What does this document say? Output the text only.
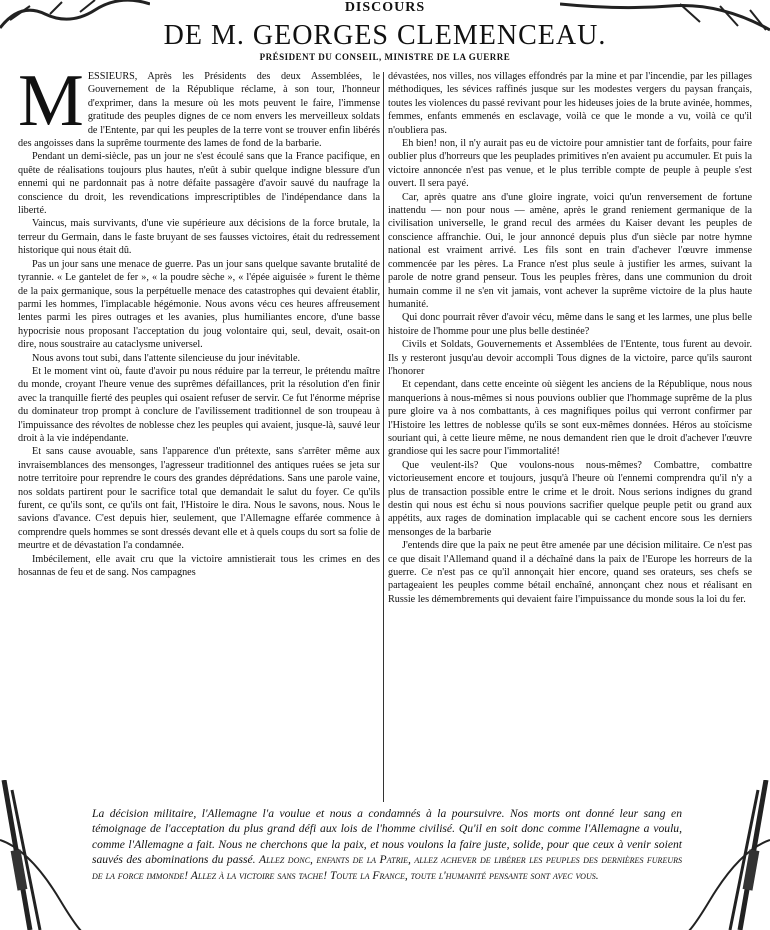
DISCOURS
DE M. GEORGES CLEMENCEAU.
PRÉSIDENT DU CONSEIL, MINISTRE DE LA GUERRE

MESSIEURS, Après les Présidents des deux Assemblées, le Gouvernement de la République réclame, à son tour, l'honneur d'exprimer, dans la mesure où les mots peuvent le faire, l'immense gratitude des peuples dignes de ce nom envers les merveilleux soldats de l'Entente, par qui les peuples de la terre vont se trouver enfin libérés des angoisses dans la suprême tourmente des lames de fond de la barbarie.

Pendant un demi-siècle, pas un jour ne s'est écoulé sans que la France pacifique, en quête de réalisations toujours plus hautes, n'eût à subir quelque indigne blessure d'un ennemi qui ne pardonnait pas à notre défaite passagère d'avoir sauvé du naufrage la conscience du droit, les revendications imprescriptibles de l'indépendance dans la liberté.

Vaincus, mais survivants, d'une vie supérieure aux décisions de la force brutale, la terreur du Germain, dans le faste bruyant de ses fausses victoires, était du redressement historique qui nous était dû.

Pas un jour sans une menace de guerre. Pas un jour sans quelque savante brutalité de tyrannie. « Le gantelet de fer », « la poudre sèche », « l'épée aiguisée » furent le thème de la paix germanique, sous la perpétuelle menace des catastrophes qui devaient établir, parmi les hommes, l'implacable hégémonie. Nous avons vécu ces heures affreusement lentes parmi les pires outrages et les avanies, plus humiliantes encore, d'une basse hypocrisie nous proposant l'acceptation du joug volontaire qui, seul, devait, osait-on dire, nous soustraire au cataclysme universel.

Nous avons tout subi, dans l'attente silencieuse du jour inévitable.

Et le moment vint où, faute d'avoir pu nous réduire par la terreur, le prétendu maître du monde, croyant l'heure venue des suprêmes défaillances, prit la résolution d'en finir avec la tranquille fierté des peuples qui osaient refuser de servir. Ce fut l'énorme méprise du dominateur trop prompt à conclure de l'avilissement traditionnel de son troupeau à l'impuissance des révoltes de noblesse chez les peuples qui avaient, jusque-là, sauvé leur droit à la vie indépendante.

Et sans cause avouable, sans l'apparence d'un prétexte, sans s'arrêter même aux invraisemblances des mensonges, l'agresseur traditionnel des antiques ruées se jeta sur notre territoire pour reprendre le cours des grandes déprédations. Sans une parole vaine, nos soldats partirent pour le sacrifice total que demandait le salut du foyer. Ce qu'ils furent, ce qu'ils sont, ce qu'ils ont fait, l'Histoire le dira. Nous le savons, nous. Nous le savions d'avance. C'est depuis hier, seulement, que l'Allemagne effarée commence à comprendre quels hommes se sont dressés devant elle et à quels coups du sort sa folie de meurtre et de dévastation l'a condamnée.

Imbécilement, elle avait cru que la victoire amnistierait tous les crimes en des hosannas de feu et de sang. Nos campagnes

dévastées, nos villes, nos villages effondrés par la mine et par l'incendie, par les pillages méthodiques, les sévices raffinés jusque sur les modestes vergers du paysan français, toutes les violences du passé revivant pour les hideuses joies de la brute avinée, hommes, femmes, enfants emmenés en esclavage, voilà ce que le monde a vu, voilà ce qu'il n'oubliera pas.

Eh bien! non, il n'y aurait pas eu de victoire pour amnistier tant de forfaits, pour faire oublier plus d'horreurs que les peuplades primitives n'en avaient pu accumuler. Et puis la victoire annoncée n'est pas venue, et le plus terrible compte de peuple à peuple s'est ouvert. Il sera payé.

Car, après quatre ans d'une gloire ingrate, voici qu'un renversement de fortune inattendu — non pour nous — amène, après le grand reniement germanique de la civilisation universelle, le grand recul des armées du Kaiser devant les peuples de conscience affranchie. Oui, le jour annoncé depuis plus d'un siècle par notre hymne national est vraiment arrivé. Les fils sont en train d'achever l'œuvre immense commencée par les pères. La France n'est plus seule à justifier les armes, suivant la parole de notre grand penseur. Tous les peuples frères, dans une communion du droit humain comme il ne s'en vit jamais, vont achever la suprême victoire de la plus haute humanité.

Qui donc pourrait rêver d'avoir vécu, même dans le sang et les larmes, une plus belle histoire de l'homme pour une plus belle destinée?

Civils et Soldats, Gouvernements et Assemblées de l'Entente, tous furent au devoir. Ils y resteront jusqu'au devoir accompli Tous dignes de la victoire, parce qu'ils sauront l'honorer

Et cependant, dans cette enceinte où siègent les anciens de la République, nous nous manquerions à nous-mêmes si nous pouvions oublier que l'hommage suprême de la plus pure gloire va à nos combattants, à ces magnifiques poilus qui verront confirmer par l'Histoire les lettres de noblesse qu'ils se sont eux-mêmes données. Héros au stoïcisme souriant qui, à cette lieure même, ne nous demandent rien que le droit d'achever l'œuvre grandiose qui les sacre pour l'immortalité!

Que veulent-ils? Que voulons-nous nous-mêmes? Combattre, combattre victorieusement encore et toujours, jusqu'à l'heure où l'ennemi comprendra qu'il n'y a plus de transaction possible entre le crime et le droit. Nous serions indignes du grand destin qui nous est échu si nous pouvions sacrifier quelque peuple petit ou grand aux appétits, aux rages de domination implacable qui se cachent encore sous les derniers mensonges de la barbarie

J'entends dire que la paix ne peut être amenée par une décision militaire. Ce n'est pas ce que disait l'Allemand quand il a déchaîné dans la paix de l'Europe les horreurs de la guerre. Ce n'est pas ce qu'il annonçait hier encore, quand ses orateurs, ses chefs se partageaient les peuples comme bétail enchaîné, annonçant chez nous et réalisant en Russie les démembrements qui devaient faire l'impuissance du monde sous la loi du fer.

La décision militaire, l'Allemagne l'a voulue et nous a condamnés à la poursuivre. Nos morts ont donné leur sang en témoignage de l'acceptation du plus grand défi aux lois de l'homme civilisé. Qu'il en soit donc comme l'Allemagne a voulu, comme l'Allemagne a fait. Nous ne cherchons que la paix, et nous voulons la faire juste, solide, pour que ceux à venir soient sauvés des abominations du passé. Allez donc, enfants de la Patrie, allez achever de libérer les peuples des dernières fureurs de la force immonde! Allez à la victoire sans tache! Toute la France, toute l'humanité pensante sont avec vous.
